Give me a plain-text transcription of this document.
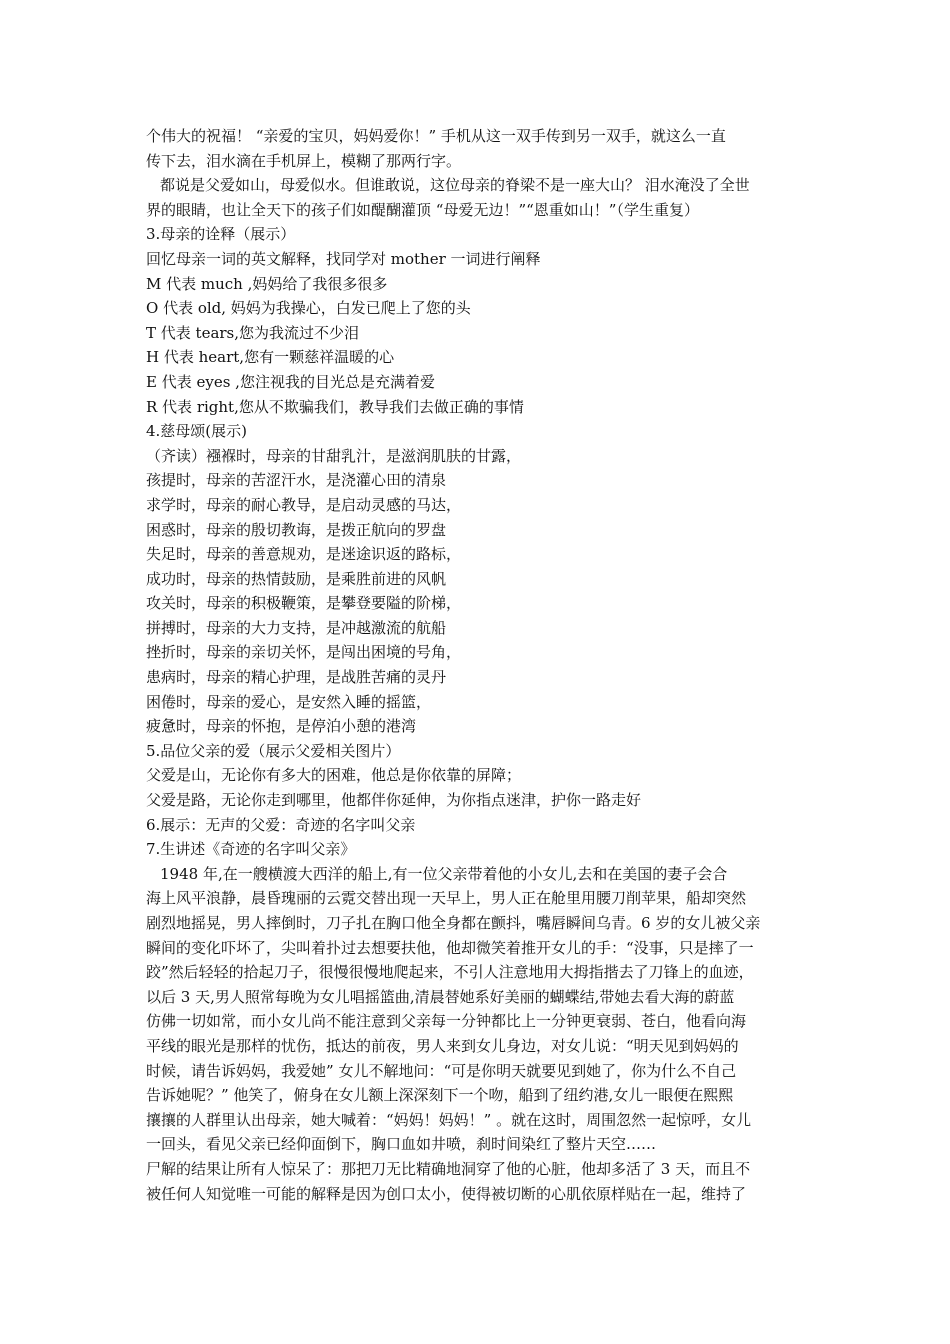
个伟大的祝福！ “亲爱的宝贝，妈妈爱你！” 手机从这一双手传到另一双手，就这么一直
传下去，泪水滴在手机屏上，模糊了那两行字。
都说是父爱如山，母爱似水。但谁敢说，这位母亲的脊梁不是一座大山？ 泪水淹没了全世
界的眼睛，也让全天下的孩子们如醍醐灌顶 “母爱无边！”“恩重如山！”（学生重复）
3.母亲的诠释（展示）
回忆母亲一词的英文解释，找同学对 mother 一词进行阐释
M 代表 much ,妈妈给了我很多很多
O 代表 old, 妈妈为我操心，白发已爬上了您的头
T 代表 tears,您为我流过不少泪
H 代表 heart,您有一颗慈祥温暖的心
E 代表 eyes ,您注视我的目光总是充满着爱
R 代表 right,您从不欺骗我们，教导我们去做正确的事情
4.慈母颂(展示)
（齐读）襁褓时，母亲的甘甜乳汁，是滋润肌肤的甘露，
孩提时，母亲的苦涩汗水，是浇灌心田的清泉
求学时，母亲的耐心教导，是启动灵感的马达，
困惑时，母亲的殷切教诲，是拨正航向的罗盘
失足时，母亲的善意规劝，是迷途识返的路标，
成功时，母亲的热情鼓励，是乘胜前进的风帆
攻关时，母亲的积极鞭策，是攀登要隘的阶梯，
拼搏时，母亲的大力支持，是冲越激流的航船
挫折时，母亲的亲切关怀，是闯出困境的号角，
患病时，母亲的精心护理，是战胜苦痛的灵丹
困倦时，母亲的爱心，是安然入睡的摇篮，
疲惫时，母亲的怀抱，是停泊小憩的港湾
5.品位父亲的爱（展示父爱相关图片）
父爱是山，无论你有多大的困难，他总是你依靠的屏障；
父爱是路，无论你走到哪里，他都伴你延伸，为你指点迷津，护你一路走好
6.展示：无声的父爱：奇迹的名字叫父亲
7.生讲述《奇迹的名字叫父亲》
1948 年,在一艘横渡大西洋的船上,有一位父亲带着他的小女儿,去和在美国的妻子会合
海上风平浪静，晨昏瑰丽的云霓交替出现一天早上，男人正在舱里用腰刀削苹果，船却突然
剧烈地摇晃，男人摔倒时，刀子扎在胸口他全身都在颤抖，嘴唇瞬间乌青。6 岁的女儿被父亲
瞬间的变化吓坏了，尖叫着扑过去想要扶他，他却微笑着推开女儿的手：“没事，只是摔了一
跤”然后轻轻的拾起刀子，很慢很慢地爬起来，不引人注意地用大拇指揩去了刀锋上的血迹，
以后 3 天,男人照常每晚为女儿唱摇篮曲,清晨替她系好美丽的蝴蝶结,带她去看大海的蔚蓝
仿佛一切如常，而小女儿尚不能注意到父亲每一分钟都比上一分钟更衰弱、苍白，他看向海
平线的眼光是那样的忧伤，抵达的前夜，男人来到女儿身边，对女儿说：“明天见到妈妈的
时候，请告诉妈妈，我爱她” 女儿不解地问：“可是你明天就要见到她了，你为什么不自己
告诉她呢？” 他笑了，俯身在女儿额上深深刻下一个吻，船到了纽约港,女儿一眼便在熙熙
攘攘的人群里认出母亲，她大喊着：“妈妈！妈妈！” 。就在这时，周围忽然一起惊呼，女儿
一回头，看见父亲已经仰面倒下，胸口血如井喷，刹时间染红了整片天空……
尸解的结果让所有人惊呆了：那把刀无比精确地洞穿了他的心脏，他却多活了 3 天，而且不
被任何人知觉唯一可能的解释是因为创口太小，使得被切断的心肌依原样贴在一起，维持了
